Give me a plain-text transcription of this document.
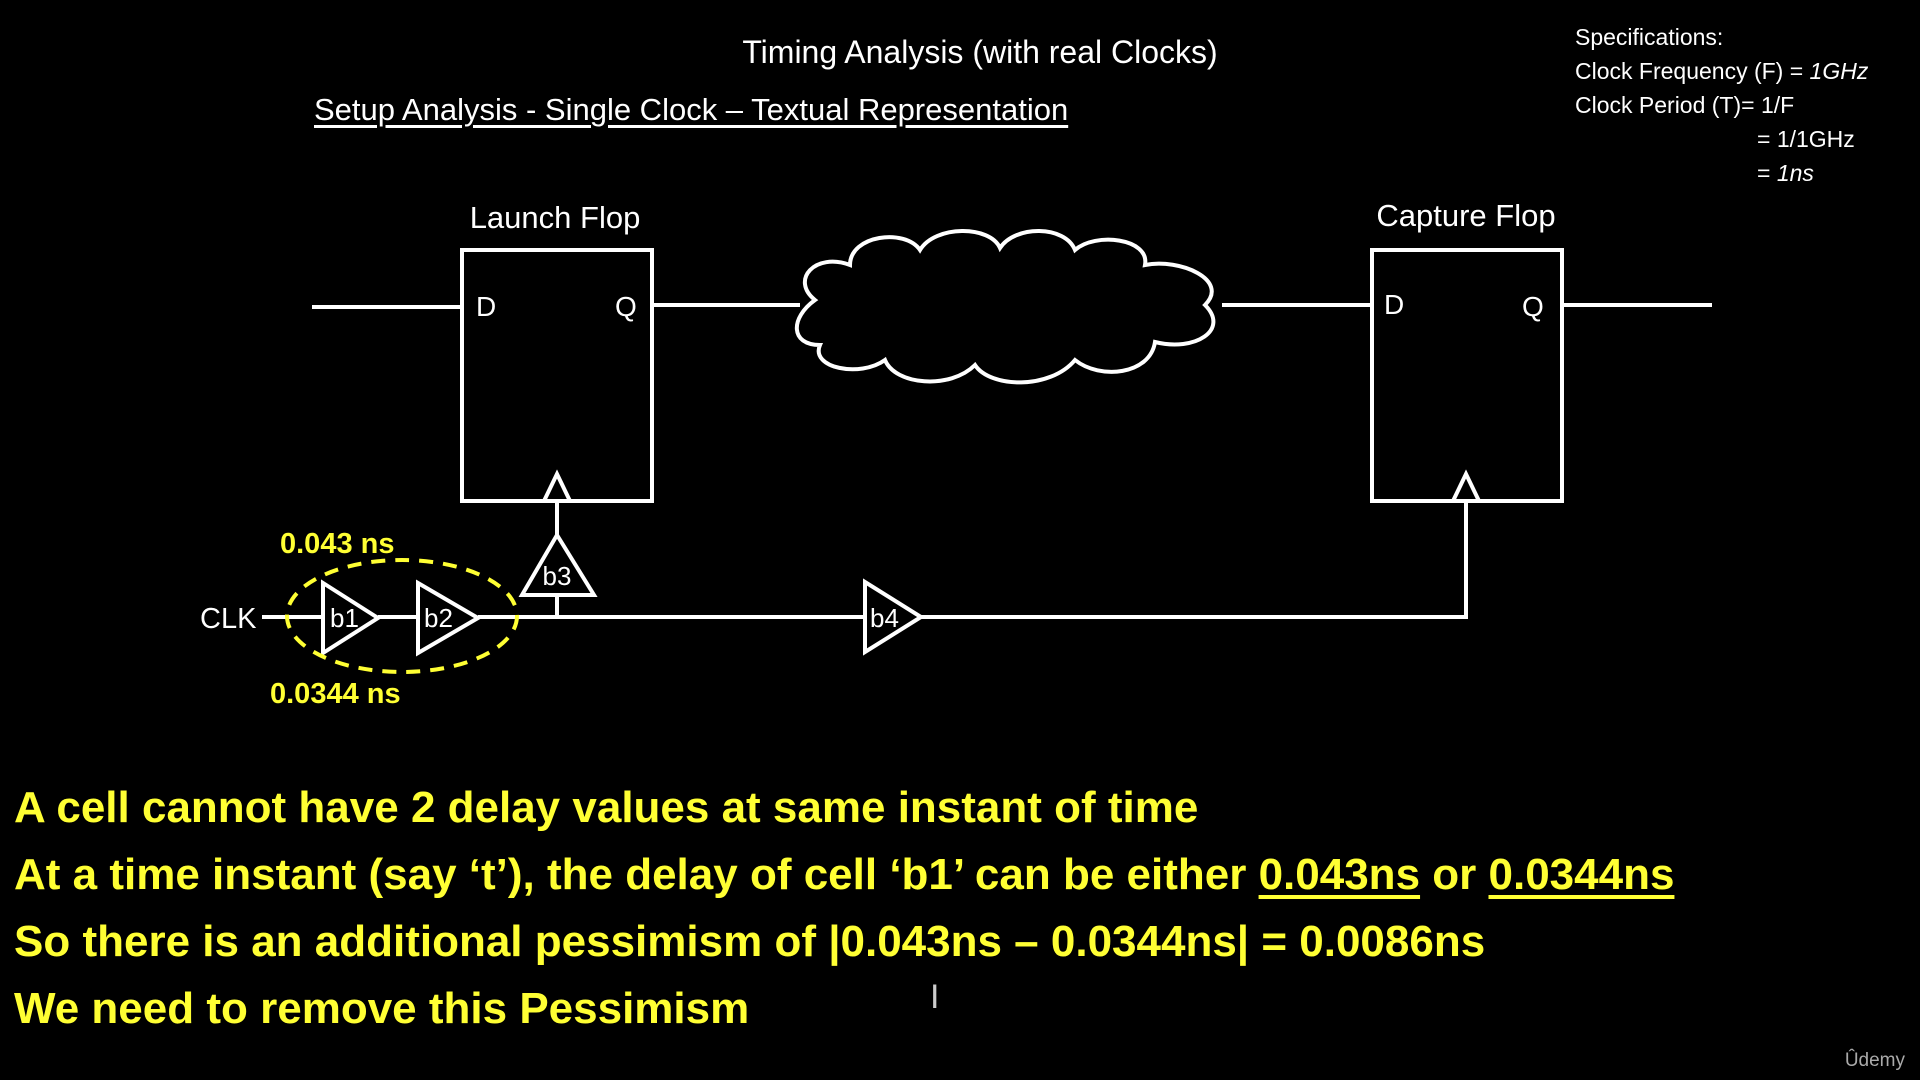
Timing Analysis (with real Clocks)
Setup Analysis - Single Clock – Textual Representation
Specifications:
Clock Frequency (F) = 1GHz
Clock Period (T)= 1/F
= 1/1GHz
= 1ns
Launch Flop
D	Q
Capture Flop
D	Q
CLK	b1	b2
b3
b4
0.043 ns
0.0344 ns
A cell cannot have 2 delay values at same instant of time
At a time instant (say ‘t’), the delay of cell ‘b1’ can be either 0.043ns or 0.0344ns
So there is an additional pessimism of |0.043ns – 0.0344ns| = 0.0086ns
We need to remove this Pessimism	I
Ûdemy
